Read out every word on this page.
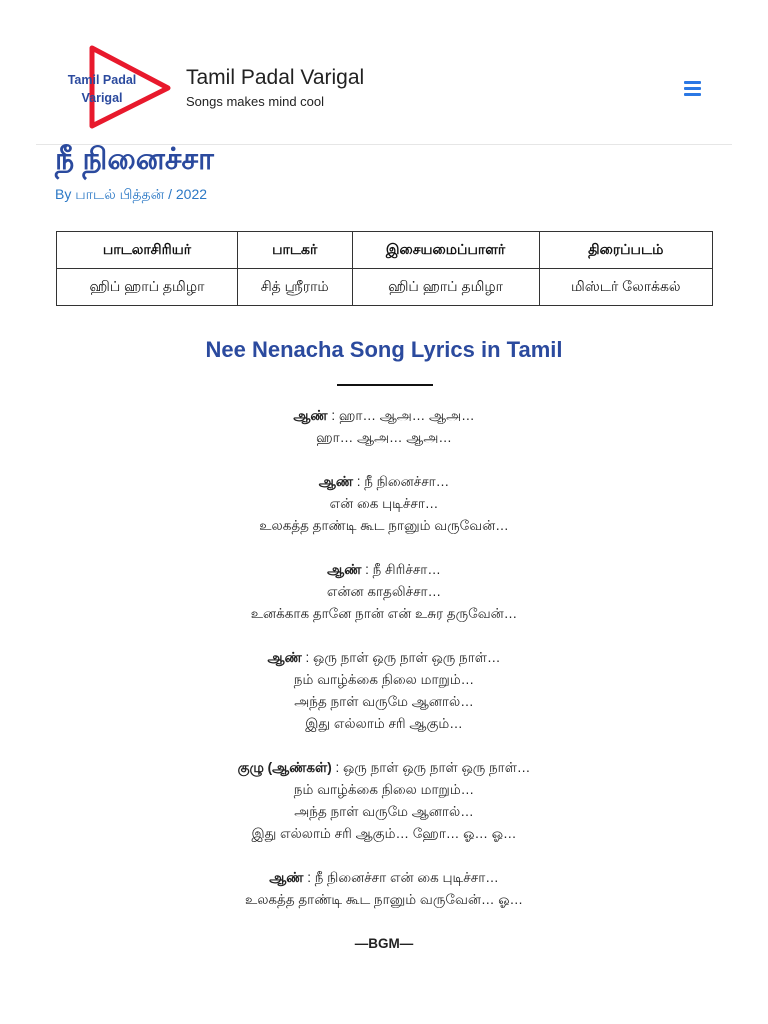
Tamil Padal
Varigal
Tamil Padal Varigal
Songs makes mind cool
நீ நினைச்சா
By பாடல் பித்தன் / 2022
பாடலாசிரியர்	பாடகர்	இசையமைப்பாளர்	திரைப்படம்
ஹிப் ஹாப் தமிழா	சித் ஸ்ரீராம்	ஹிப் ஹாப் தமிழா	மிஸ்டர் லோக்கல்
Nee Nenacha Song Lyrics in Tamil
ஆண் : ஹா… ஆஅ… ஆஅ…
ஹா… ஆஅ… ஆஅ…
ஆண் : நீ நினைச்சா…
என் கை புடிச்சா…
உலகத்த தாண்டி கூட நானும் வருவேன்…
ஆண் : நீ சிரிச்சா…
என்ன காதலிச்சா…
உனக்காக தானே நான் என் உசுர தருவேன்…
ஆண் : ஒரு நாள் ஒரு நாள் ஒரு நாள்…
நம் வாழ்க்கை நிலை மாறும்…
அந்த நாள் வருமே ஆனால்…
இது எல்லாம் சரி ஆகும்…
குழு (ஆண்கள்) : ஒரு நாள் ஒரு நாள் ஒரு நாள்…
நம் வாழ்க்கை நிலை மாறும்…
அந்த நாள் வருமே ஆனால்…
இது எல்லாம் சரி ஆகும்… ஹோ… ஓ… ஓ…
ஆண் : நீ நினைச்சா என் கை புடிச்சா…
உலகத்த தாண்டி கூட நானும் வருவேன்… ஓ…
—BGM—
